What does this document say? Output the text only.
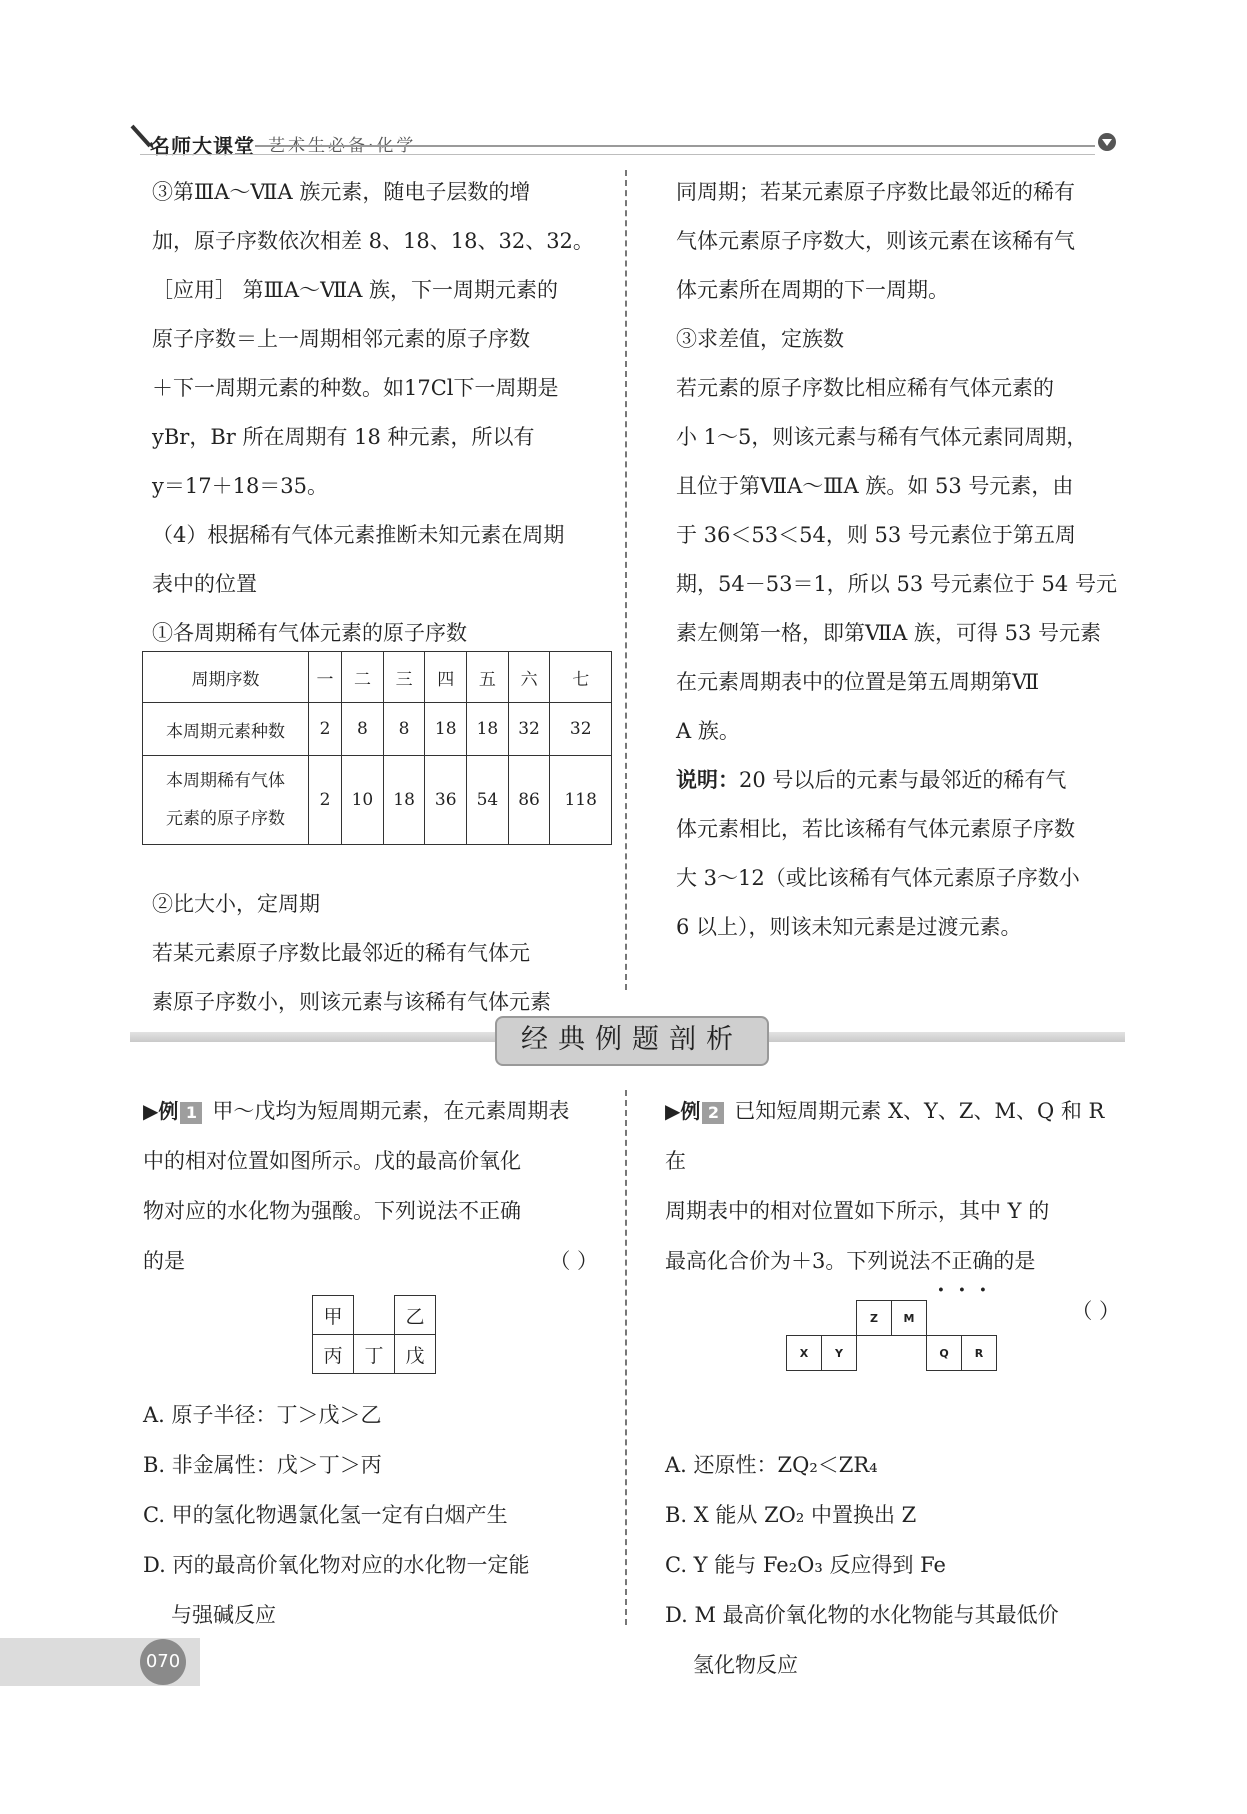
名师大课堂 艺术生必备·化学

③第ⅢA～ⅦA 族元素，随电子层数的增

加，原子序数依次相差 8、18、18、32、32。

［应用］ 第ⅢA～ⅦA 族，下一周期元素的

原子序数＝上一周期相邻元素的原子序数

＋下一周期元素的种数。如17Cl下一周期是

yBr，Br 所在周期有 18 种元素，所以有

y＝17＋18＝35。

（4）根据稀有气体元素推断未知元素在周期

表中的位置

①各周期稀有气体元素的原子序数

②比大小，定周期

若某元素原子序数比最邻近的稀有气体元

素原子序数小，则该元素与该稀有气体元素

周期序数	一	二	三	四	五	六	七
本周期元素种数	2	8	8	18	18	32	32

本周期稀有气体
元素的原子序数	2	10	18	36	54	86	118

同周期；若某元素原子序数比最邻近的稀有

气体元素原子序数大，则该元素在该稀有气

体元素所在周期的下一周期。

③求差值，定族数

若元素的原子序数比相应稀有气体元素的

小 1～5，则该元素与稀有气体元素同周期，

且位于第ⅦA～ⅢA 族。如 53 号元素，由

于 36＜53＜54，则 53 号元素位于第五周

期，54－53＝1，所以 53 号元素位于 54 号元

素左侧第一格，即第ⅦA 族，可得 53 号元素

在元素周期表中的位置是第五周期第Ⅶ

A 族。

说明：20 号以后的元素与最邻近的稀有气

体元素相比，若比该稀有气体元素原子序数

大 3～12（或比该稀有气体元素原子序数小

6 以上），则该未知元素是过渡元素。

经典例题剖析

▶例 1 甲～戊均为短周期元素，在元素周期表

中的相对位置如图所示。戊的最高价氧化

物对应的水化物为强酸。下列说法不正确

的是	（ ）

A. 原子半径：丁＞戊＞乙

B. 非金属性：戊＞丁＞丙

C. 甲的氢化物遇氯化氢一定有白烟产生

D. 丙的最高价氧化物对应的水化物一定能

与强碱反应

甲		乙
丙	丁	戊

▶例 2 已知短周期元素 X、Y、Z、M、Q 和 R 在

周期表中的相对位置如下所示，其中 Y 的

最高化合价为＋3。下列说法不正确的是

（ ）

A. 还原性：ZQ₂＜ZR₄

B. X 能从 ZO₂ 中置换出 Z

C. Y 能与 Fe₂O₃ 反应得到 Fe

D. M 最高价氧化物的水化物能与其最低价

氢化物反应

		Z	M		
X	Y			Q	R
070
